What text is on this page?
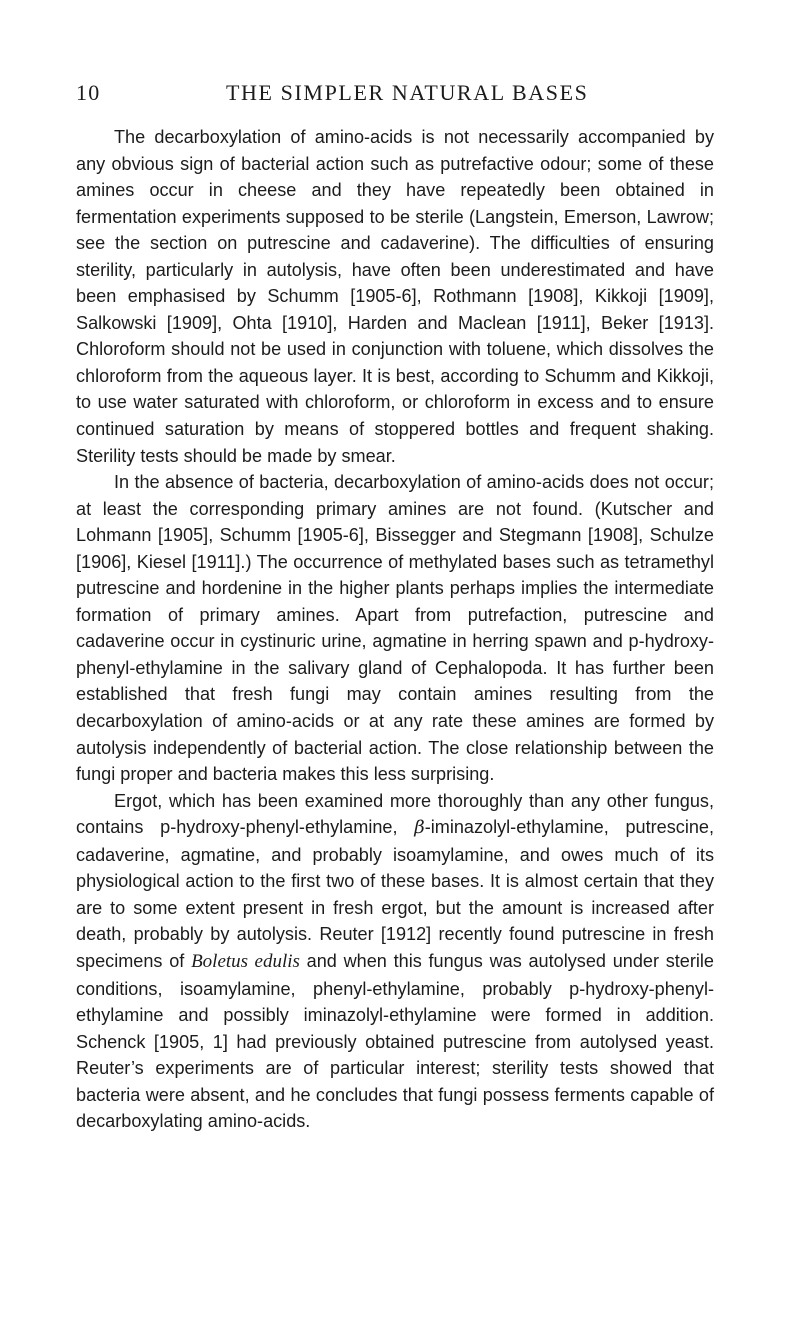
10	THE SIMPLER NATURAL BASES

The decarboxylation of amino-acids is not necessarily accompanied by any obvious sign of bacterial action such as putrefactive odour; some of these amines occur in cheese and they have repeatedly been obtained in fermentation experiments supposed to be sterile (Langstein, Emerson, Lawrow; see the section on putrescine and cadaverine). The difficulties of ensuring sterility, particularly in autolysis, have often been underestimated and have been emphasised by Schumm [1905-6], Rothmann [1908], Kikkoji [1909], Salkowski [1909], Ohta [1910], Harden and Maclean [1911], Beker [1913]. Chloroform should not be used in conjunction with toluene, which dissolves the chloroform from the aqueous layer. It is best, according to Schumm and Kikkoji, to use water saturated with chloroform, or chloroform in excess and to ensure continued saturation by means of stoppered bottles and frequent shaking. Sterility tests should be made by smear.

In the absence of bacteria, decarboxylation of amino-acids does not occur; at least the corresponding primary amines are not found. (Kutscher and Lohmann [1905], Schumm [1905-6], Bissegger and Stegmann [1908], Schulze [1906], Kiesel [1911].) The occurrence of methylated bases such as tetramethyl putrescine and hordenine in the higher plants perhaps implies the intermediate formation of primary amines. Apart from putrefaction, putrescine and cadaverine occur in cystinuric urine, agmatine in herring spawn and p-hydroxy-phenyl-ethylamine in the salivary gland of Cephalopoda. It has further been established that fresh fungi may contain amines resulting from the decarboxylation of amino-acids or at any rate these amines are formed by autolysis independently of bacterial action. The close relationship between the fungi proper and bacteria makes this less surprising.

Ergot, which has been examined more thoroughly than any other fungus, contains p-hydroxy-phenyl-ethylamine, β-iminazolyl-ethylamine, putrescine, cadaverine, agmatine, and probably isoamylamine, and owes much of its physiological action to the first two of these bases. It is almost certain that they are to some extent present in fresh ergot, but the amount is increased after death, probably by autolysis. Reuter [1912] recently found putrescine in fresh specimens of Boletus edulis and when this fungus was autolysed under sterile conditions, isoamylamine, phenyl-ethylamine, probably p-hydroxy-phenyl-ethylamine and possibly iminazolyl-ethylamine were formed in addition. Schenck [1905, 1] had previously obtained putrescine from autolysed yeast. Reuter’s experiments are of particular interest; sterility tests showed that bacteria were absent, and he concludes that fungi possess ferments capable of decarboxylating amino-acids.
